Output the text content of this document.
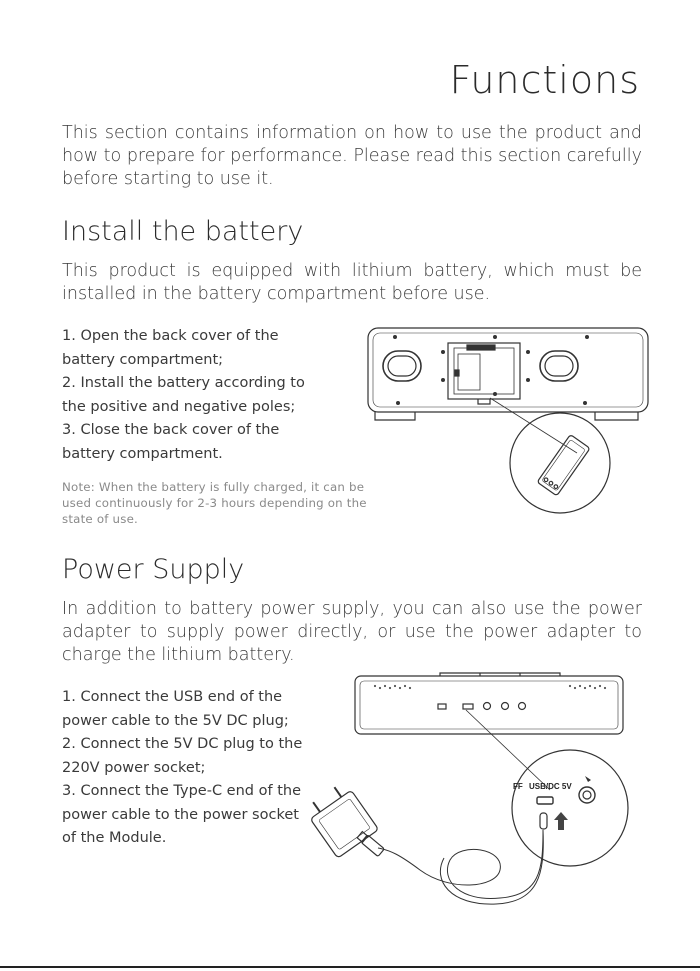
Functions

This section contains information on how to use the product and how to prepare for performance. Please read this section carefully before starting to use it.

Install the battery

This product is equipped with lithium battery, which must be installed in the battery compartment before use.

1. Open the back cover of the battery compartment;
2. Install the battery according to the positive and negative poles;
3. Close the back cover of the battery compartment.

Note: When the battery is fully charged, it can be used continuously for 2-3 hours depending on the state of use.

Power Supply

In addition to battery power supply, you can also use the power adapter to supply power directly, or use the power adapter to charge the lithium battery.

1. Connect the USB end of the power cable to the 5V DC plug;
2. Connect the 5V DC plug to the 220V power socket;
3. Connect the Type-C end of the power cable to the power socket of the Module.
FF USB/DC 5V
